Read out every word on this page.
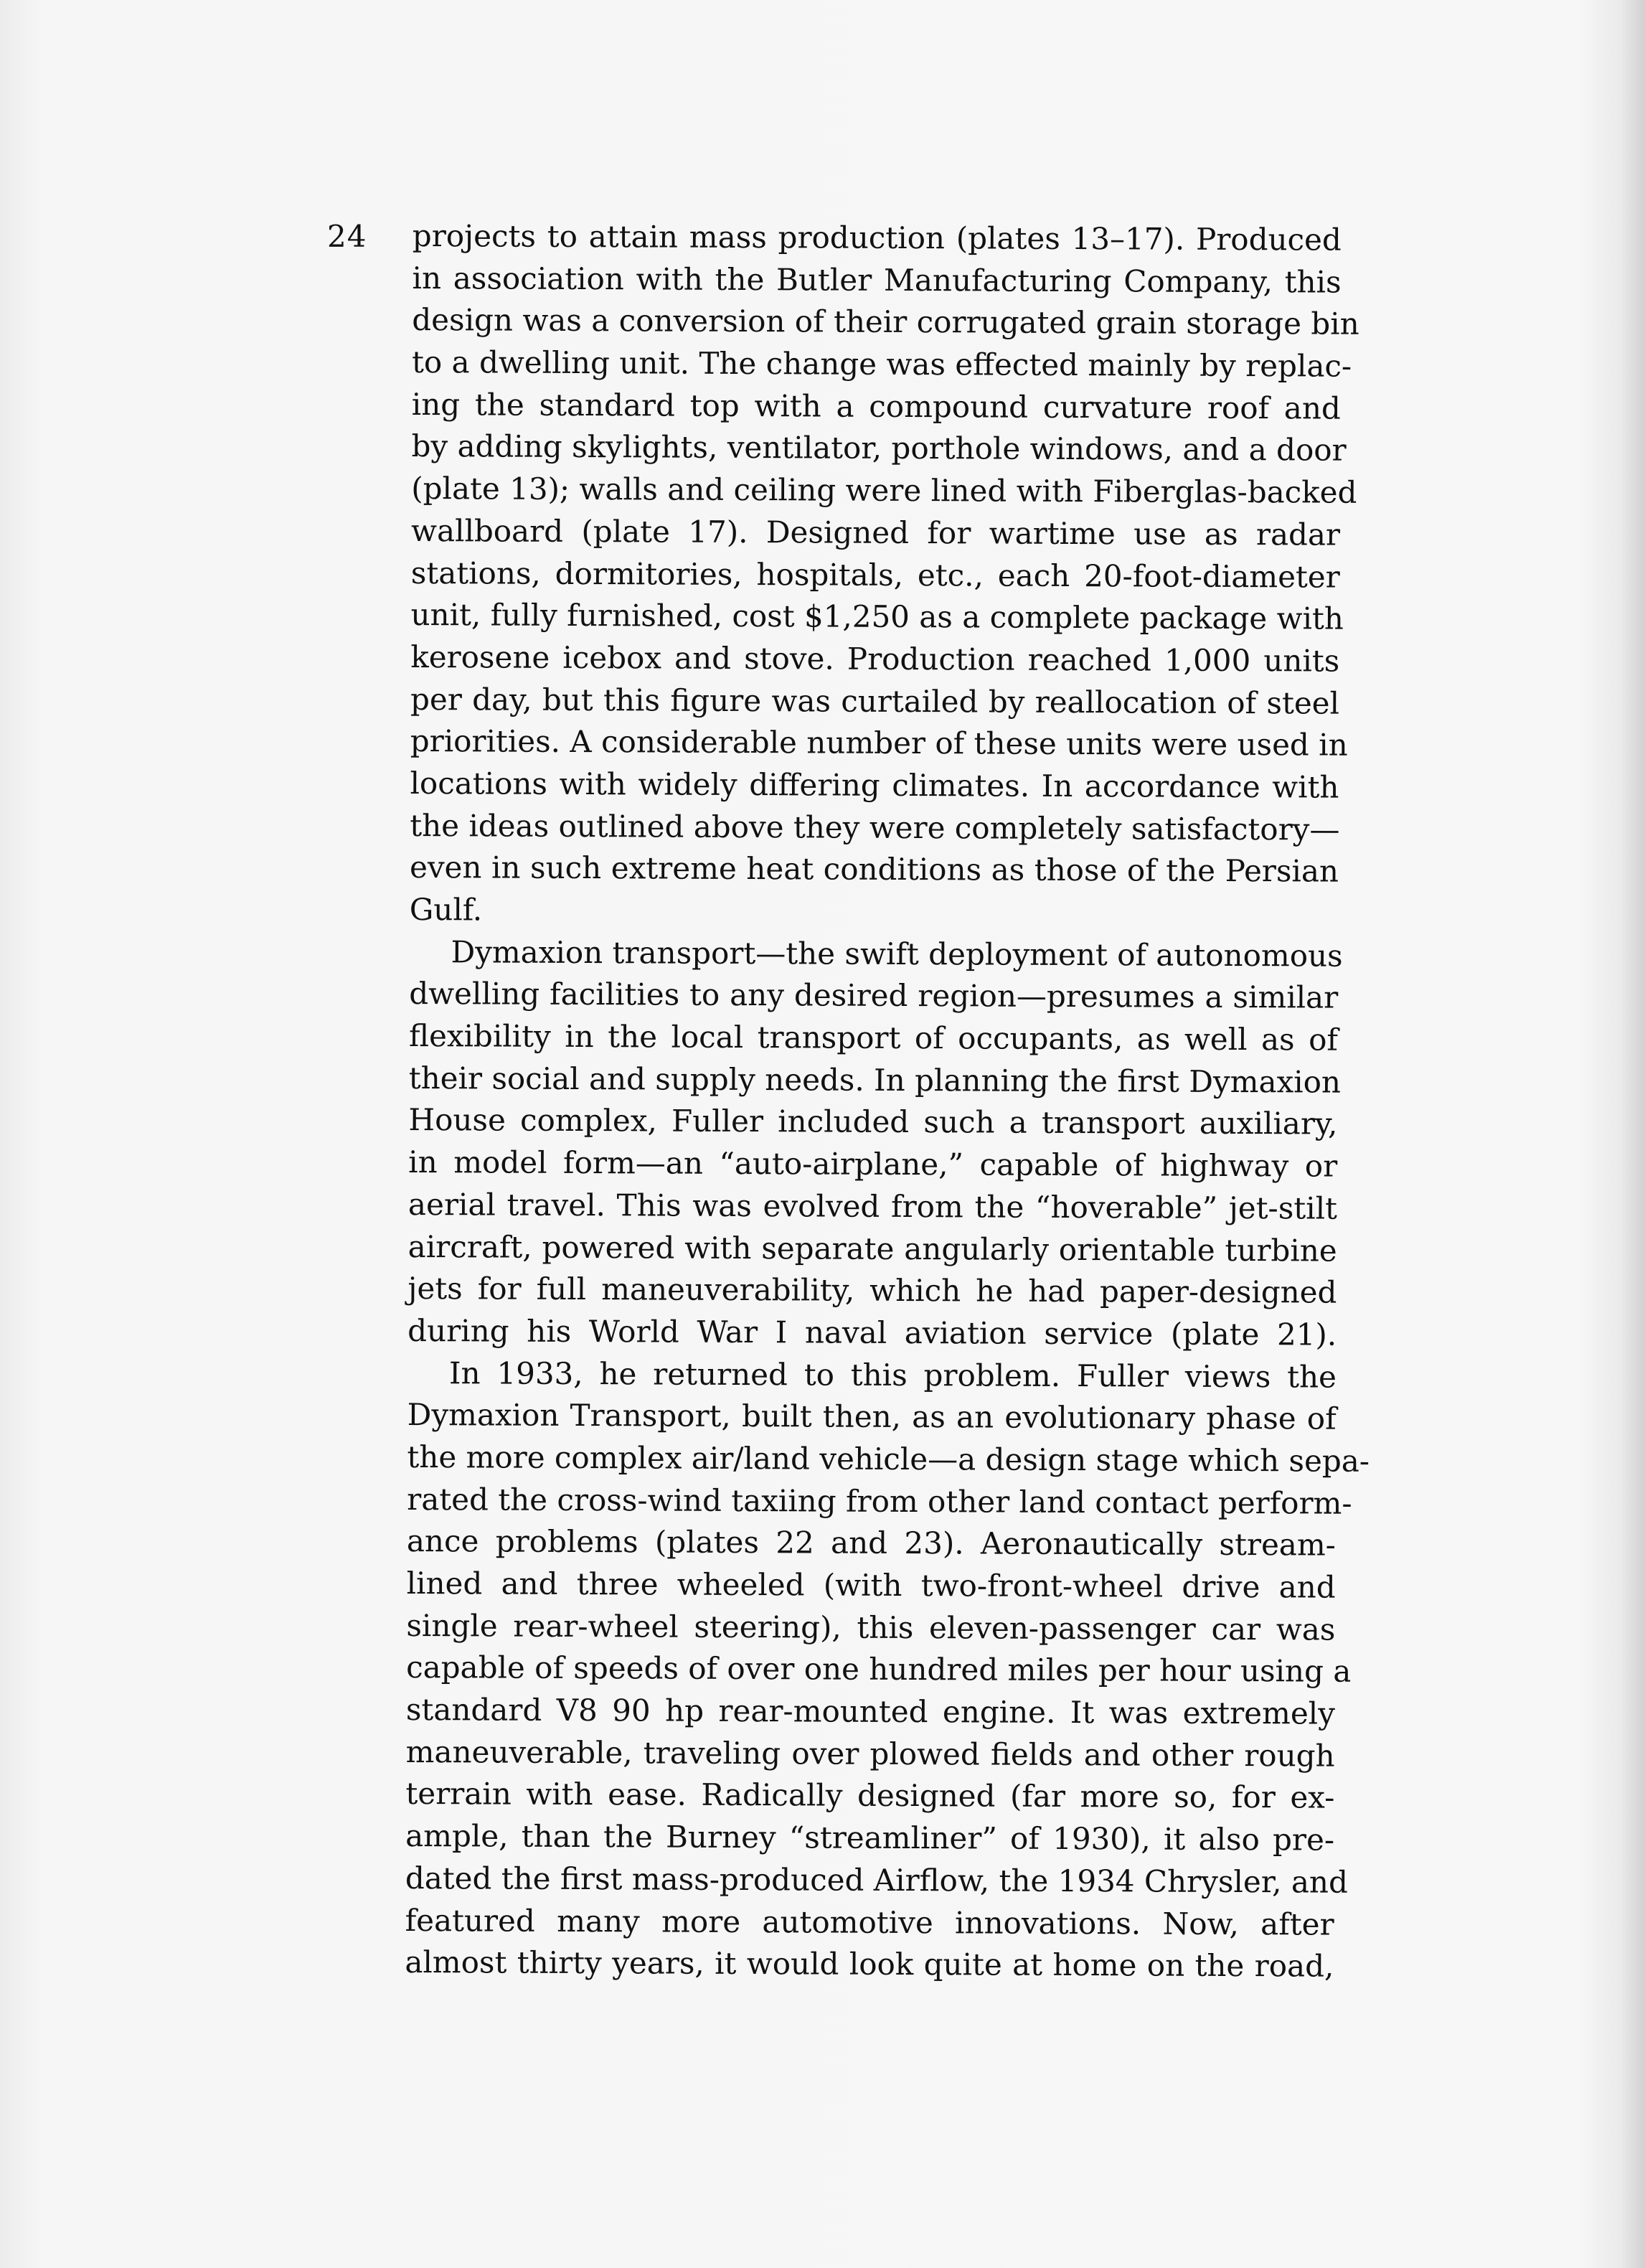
24 projects to attain mass production (plates 13–17). Produced
in association with the Butler Manufacturing Company, this
design was a conversion of their corrugated grain storage bin
to a dwelling unit. The change was effected mainly by replac-
ing the standard top with a compound curvature roof and
by adding skylights, ventilator, porthole windows, and a door
(plate 13); walls and ceiling were lined with Fiberglas-backed
wallboard (plate 17). Designed for wartime use as radar
stations, dormitories, hospitals, etc., each 20-foot-diameter
unit, fully furnished, cost $1,250 as a complete package with
kerosene icebox and stove. Production reached 1,000 units
per day, but this figure was curtailed by reallocation of steel
priorities. A considerable number of these units were used in
locations with widely differing climates. In accordance with
the ideas outlined above they were completely satisfactory—
even in such extreme heat conditions as those of the Persian
Gulf.
Dymaxion transport—the swift deployment of autonomous
dwelling facilities to any desired region—presumes a similar
flexibility in the local transport of occupants, as well as of
their social and supply needs. In planning the first Dymaxion
House complex, Fuller included such a transport auxiliary,
in model form—an “auto-airplane,” capable of highway or
aerial travel. This was evolved from the “hoverable” jet-stilt
aircraft, powered with separate angularly orientable turbine
jets for full maneuverability, which he had paper-designed
during his World War I naval aviation service (plate 21).
In 1933, he returned to this problem. Fuller views the
Dymaxion Transport, built then, as an evolutionary phase of
the more complex air/land vehicle—a design stage which sepa-
rated the cross-wind taxiing from other land contact perform-
ance problems (plates 22 and 23). Aeronautically stream-
lined and three wheeled (with two-front-wheel drive and
single rear-wheel steering), this eleven-passenger car was
capable of speeds of over one hundred miles per hour using a
standard V8 90 hp rear-mounted engine. It was extremely
maneuverable, traveling over plowed fields and other rough
terrain with ease. Radically designed (far more so, for ex-
ample, than the Burney “streamliner” of 1930), it also pre-
dated the first mass-produced Airflow, the 1934 Chrysler, and
featured many more automotive innovations. Now, after
almost thirty years, it would look quite at home on the road,
